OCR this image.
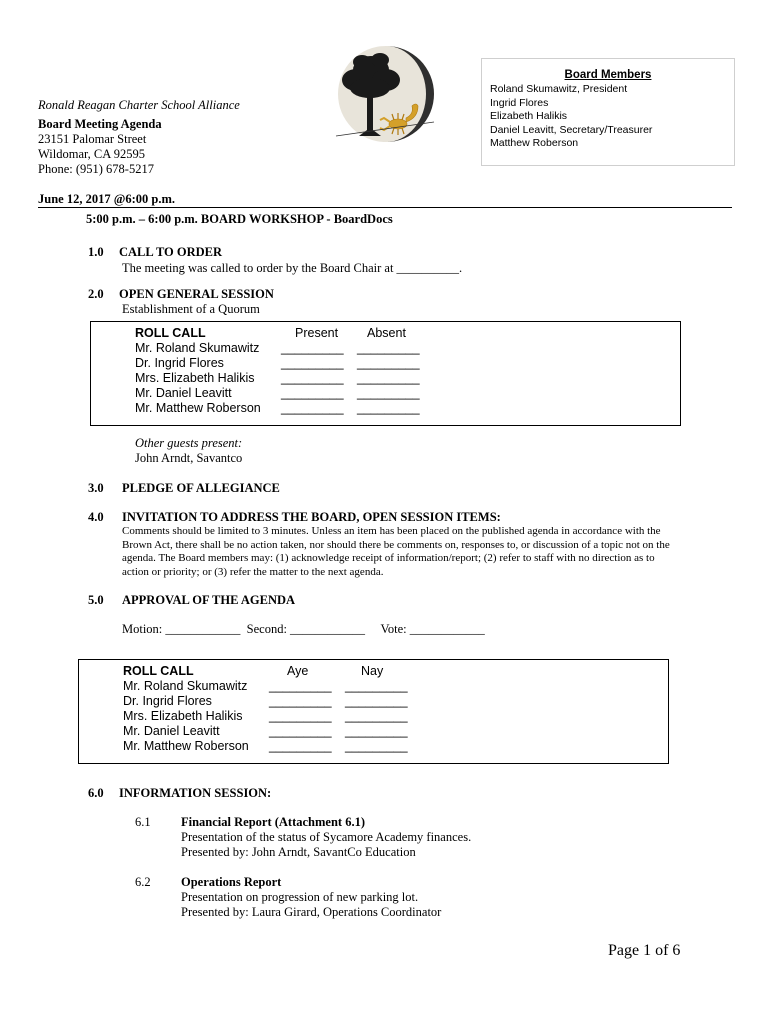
Ronald Reagan Charter School Alliance
Board Meeting Agenda
23151 Palomar Street
Wildomar, CA 92595
Phone: (951) 678-5217
Board Members
Roland Skumawitz, President
Ingrid Flores
Elizabeth Halikis
Daniel Leavitt, Secretary/Treasurer
Matthew Roberson
June 12, 2017 @6:00 p.m.
5:00 p.m. – 6:00 p.m. BOARD WORKSHOP - BoardDocs
1.0 CALL TO ORDER
The meeting was called to order by the Board Chair at __________.
2.0 OPEN GENERAL SESSION
Establishment of a Quorum
ROLL CALL
Mr. Roland Skumawitz
Dr. Ingrid Flores
Mrs. Elizabeth Halikis
Mr. Daniel Leavitt
Mr. Matthew Roberson
Present
_________
_________
_________
_________
_________
Absent
_________
_________
_________
_________
_________
Other guests present:
John Arndt, Savantco
3.0 PLEDGE OF ALLEGIANCE
4.0 INVITATION TO ADDRESS THE BOARD, OPEN SESSION ITEMS:
Comments should be limited to 3 minutes. Unless an item has been placed on the published agenda in accordance with the Brown Act, there shall be no action taken, nor should there be comments on, responses to, or discussion of a topic not on the agenda. The Board members may: (1) acknowledge receipt of information/report; (2) refer to staff with no direction as to action or priority; or (3) refer the matter to the next agenda.
5.0 APPROVAL OF THE AGENDA
Motion: ____________  Second: ____________     Vote: ____________
ROLL CALL
Mr. Roland Skumawitz
Dr. Ingrid Flores
Mrs. Elizabeth Halikis
Mr. Daniel Leavitt
Mr. Matthew Roberson
Aye
_________
_________
_________
_________
_________
Nay
_________
_________
_________
_________
_________
6.0 INFORMATION SESSION:
6.1 Financial Report (Attachment 6.1)
Presentation of the status of Sycamore Academy finances.
Presented by: John Arndt, SavantCo Education
6.2 Operations Report
Presentation on progression of new parking lot.
Presented by: Laura Girard, Operations Coordinator
Page 1 of 6
